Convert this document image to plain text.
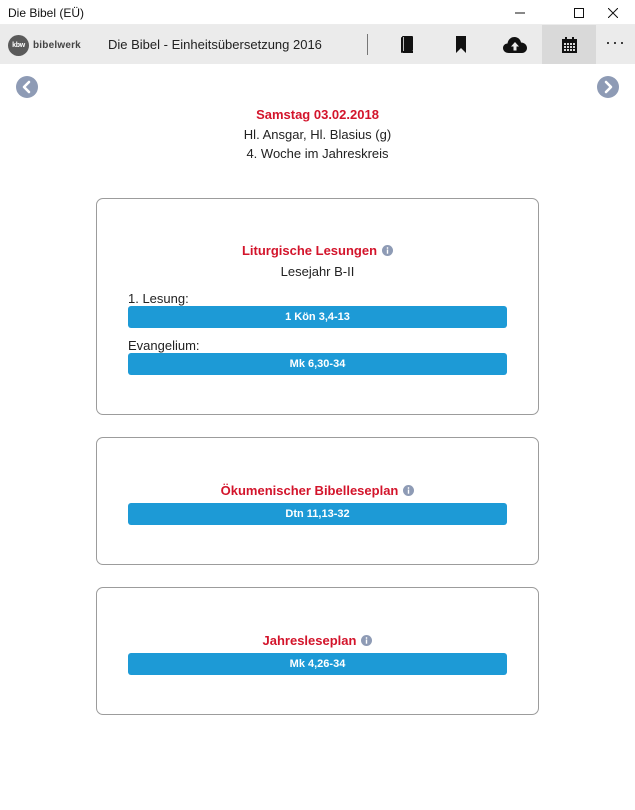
Die Bibel (EÜ)
kbw bibelwerk Die Bibel - Einheitsübersetzung 2016	···
Samstag 03.02.2018
Hl. Ansgar, Hl. Blasius (g)
4. Woche im Jahreskreis
Liturgische Lesungen
Lesejahr B-II
1. Lesung:
1 Kön 3,4-13
Evangelium:
Mk 6,30-34
Ökumenischer Bibelleseplan
Dtn 11,13-32
Jahresleseplan
Mk 4,26-34
